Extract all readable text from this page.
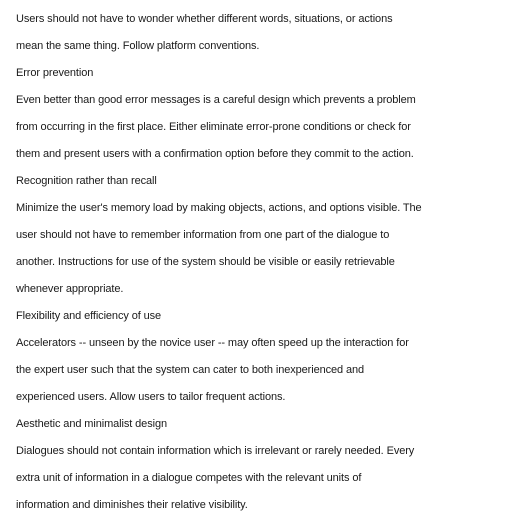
Users should not have to wonder whether different words, situations, or actions
mean the same thing. Follow platform conventions.
Error prevention
Even better than good error messages is a careful design which prevents a problem
from occurring in the first place. Either eliminate error-prone conditions or check for
them and present users with a confirmation option before they commit to the action.
Recognition rather than recall
Minimize the user's memory load by making objects, actions, and options visible. The
user should not have to remember information from one part of the dialogue to
another. Instructions for use of the system should be visible or easily retrievable
whenever appropriate.
Flexibility and efficiency of use
Accelerators -- unseen by the novice user -- may often speed up the interaction for
the expert user such that the system can cater to both inexperienced and
experienced users. Allow users to tailor frequent actions.
Aesthetic and minimalist design
Dialogues should not contain information which is irrelevant or rarely needed. Every
extra unit of information in a dialogue competes with the relevant units of
information and diminishes their relative visibility.
